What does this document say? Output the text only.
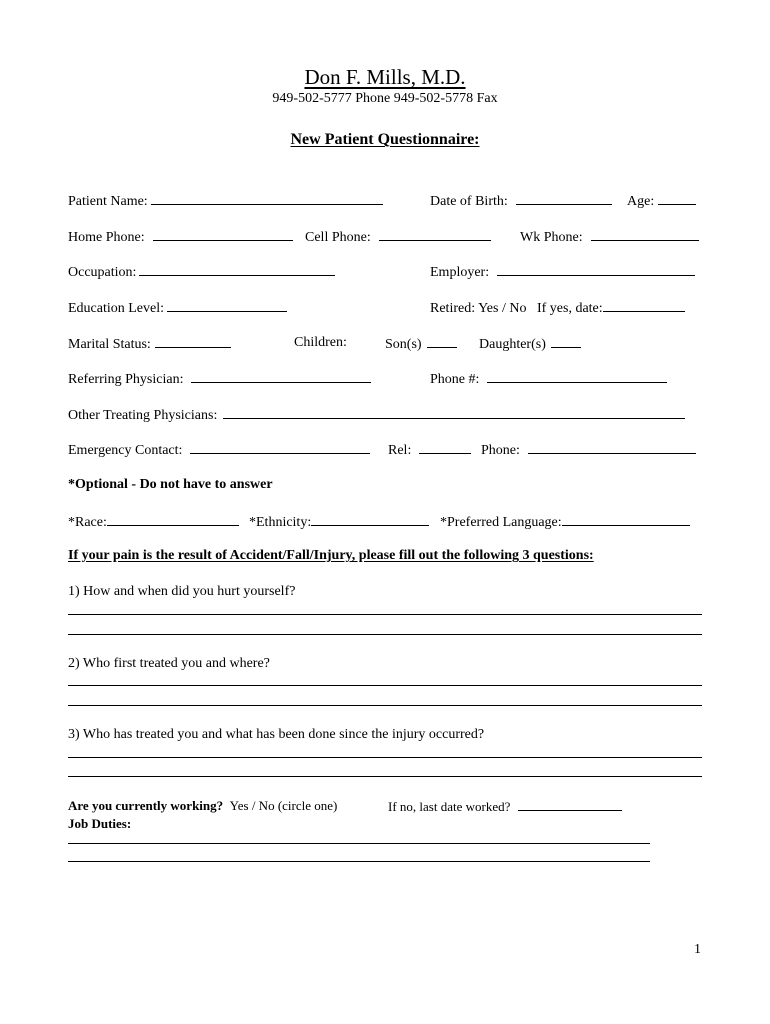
Don F. Mills, M.D.
949-502-5777 Phone 949-502-5778 Fax
New Patient Questionnaire:
Patient Name:	Date of Birth:	Age:
Home Phone:	Cell Phone:	Wk Phone:
Occupation:	Employer:
Education Level:	Retired: Yes / No If yes, date:
Marital Status:	Children:	Son(s)	Daughter(s)
Referring Physician:	Phone #:
Other Treating Physicians:
Emergency Contact:	Rel:	Phone:
*Optional - Do not have to answer
*Race:	*Ethnicity:	*Preferred Language:
If your pain is the result of Accident/Fall/Injury, please fill out the following 3 questions:
1) How and when did you hurt yourself?
2) Who first treated you and where?
3) Who has treated you and what has been done since the injury occurred?
Are you currently working? Yes / No (circle one)	If no, last date worked?
Job Duties:
1
